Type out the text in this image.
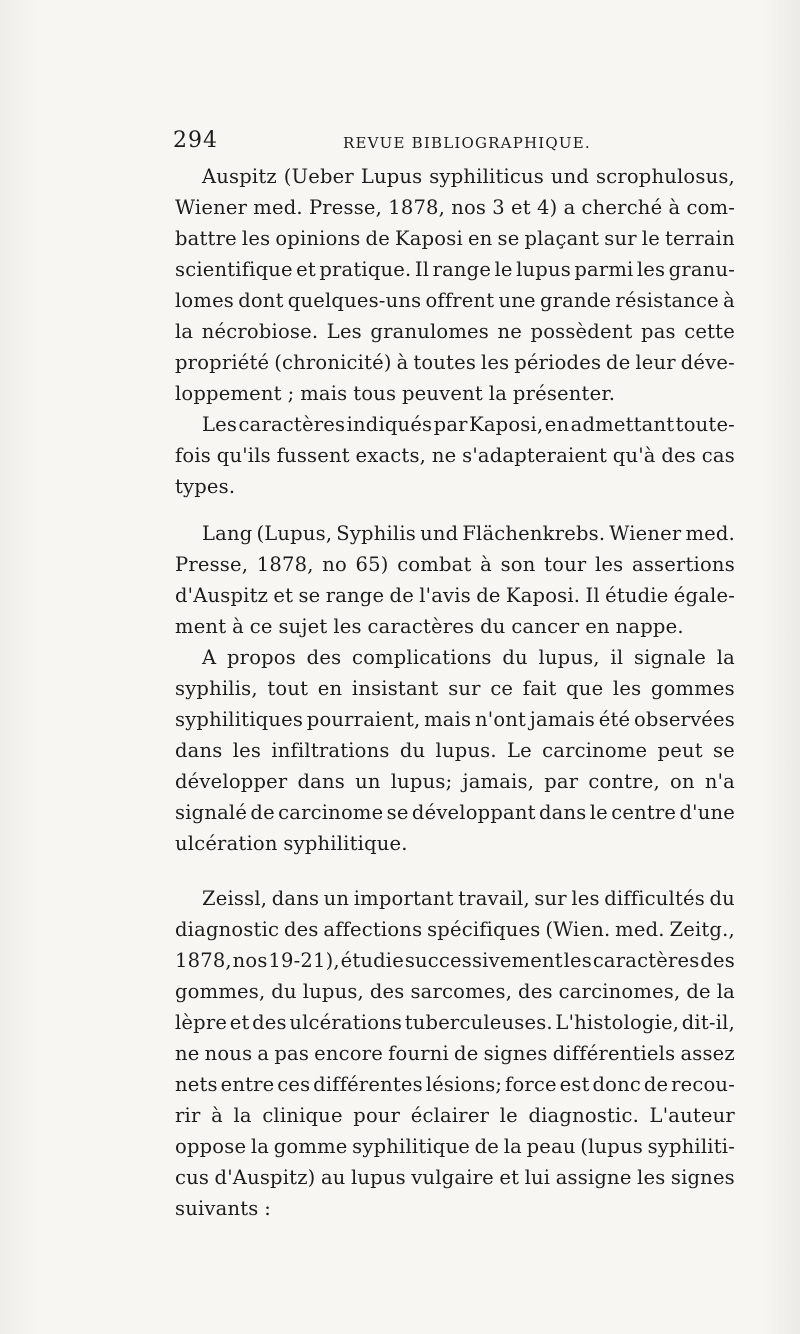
294	REVUE BIBLIOGRAPHIQUE.
Auspitz (Ueber Lupus syphiliticus und scrophulosus,
Wiener med. Presse, 1878, nos 3 et 4) a cherché à com-
battre les opinions de Kaposi en se plaçant sur le terrain
scientifique et pratique. Il range le lupus parmi les granu-
lomes dont quelques-uns offrent une grande résistance à
la nécrobiose. Les granulomes ne possèdent pas cette
propriété (chronicité) à toutes les périodes de leur déve-
loppement ; mais tous peuvent la présenter.
Les caractères indiqués par Kaposi, en admettant toute-
fois qu'ils fussent exacts, ne s'adapteraient qu'à des cas
types.
Lang (Lupus, Syphilis und Flächenkrebs. Wiener med.
Presse, 1878, no 65) combat à son tour les assertions
d'Auspitz et se range de l'avis de Kaposi. Il étudie égale-
ment à ce sujet les caractères du cancer en nappe.
A propos des complications du lupus, il signale la
syphilis, tout en insistant sur ce fait que les gommes
syphilitiques pourraient, mais n'ont jamais été observées
dans les infiltrations du lupus. Le carcinome peut se
développer dans un lupus; jamais, par contre, on n'a
signalé de carcinome se développant dans le centre d'une
ulcération syphilitique.
Zeissl, dans un important travail, sur les difficultés du
diagnostic des affections spécifiques (Wien. med. Zeitg.,
1878, nos 19-21), étudie successivement les caractères des
gommes, du lupus, des sarcomes, des carcinomes, de la
lèpre et des ulcérations tuberculeuses. L'histologie, dit-il,
ne nous a pas encore fourni de signes différentiels assez
nets entre ces différentes lésions; force est donc de recou-
rir à la clinique pour éclairer le diagnostic. L'auteur
oppose la gomme syphilitique de la peau (lupus syphiliti-
cus d'Auspitz) au lupus vulgaire et lui assigne les signes
suivants :
